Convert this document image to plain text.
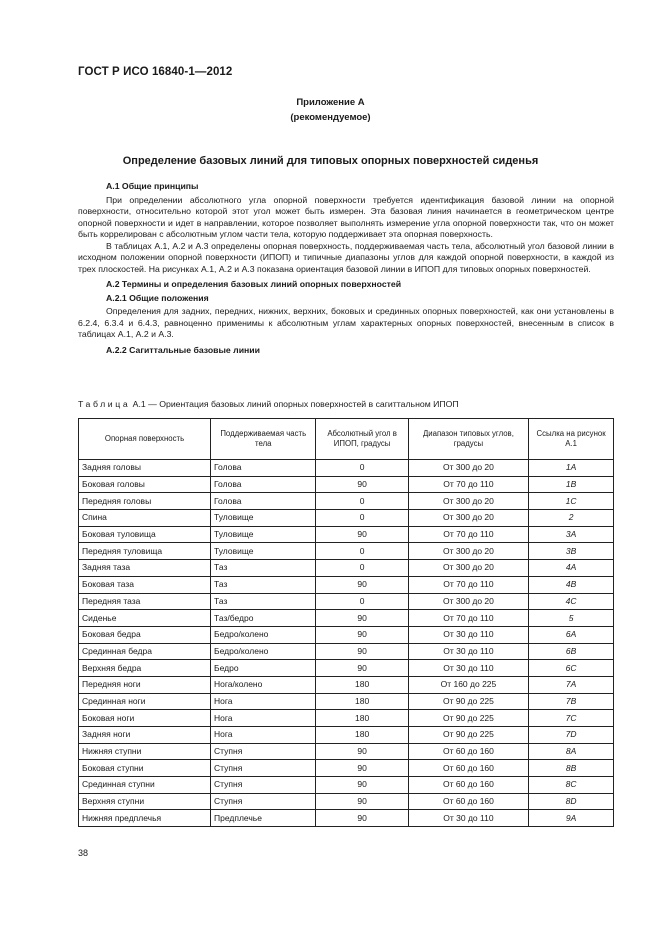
ГОСТ Р ИСО 16840-1—2012
Приложение А
(рекомендуемое)
Определение базовых линий для типовых опорных поверхностей сиденья
А.1 Общие принципы

При определении абсолютного угла опорной поверхности требуется идентификация базовой линии на опорной поверхности, относительно которой этот угол может быть измерен. Эта базовая линия начинается в геометрическом центре опорной поверхности и идет в направлении, которое позволяет выполнять измерение угла опорной поверхности так, что он может быть коррелирован с абсолютным углом части тела, которую поддерживает эта опорная поверхность.

В таблицах А.1, А.2 и А.3 определены опорная поверхность, поддерживаемая часть тела, абсолютный угол базовой линии в исходном положении опорной поверхности (ИПОП) и типичные диапазоны углов для каждой опорной поверхности, в каждой из трех плоскостей. На рисунках А.1, А.2 и А.3 показана ориентация базовой линии в ИПОП для типовых опорных поверхностей.

А.2 Термины и определения базовых линий опорных поверхностей
А.2.1 Общие положения

Определения для задних, передних, нижних, верхних, боковых и срединных опорных поверхностей, как они установлены в 6.2.4, 6.3.4 и 6.4.3, равноценно применимы к абсолютным углам характерных опорных поверхностей, внесенным в список в таблицах А.1, А.2 и А.3.

А.2.2 Сагиттальные базовые линии
Таблица А.1 — Ориентация базовых линий опорных поверхностей в сагиттальном ИПОП
Опорная поверхность	Поддерживаемая часть тела	Абсолютный угол в ИПОП, градусы	Диапазон типовых углов, градусы	Ссылка на рисунок А.1
Задняя головы	Голова	0	От 300 до 20	1A
Боковая головы	Голова	90	От 70 до 110	1B
Передняя головы	Голова	0	От 300 до 20	1C
Спина	Туловище	0	От 300 до 20	2
Боковая туловища	Туловище	90	От 70 до 110	3A
Передняя туловища	Туловище	0	От 300 до 20	3B
Задняя таза	Таз	0	От 300 до 20	4A
Боковая таза	Таз	90	От 70 до 110	4B
Передняя таза	Таз	0	От 300 до 20	4C
Сиденье	Таз/бедро	90	От 70 до 110	5
Боковая бедра	Бедро/колено	90	От 30 до 110	6A
Срединная бедра	Бедро/колено	90	От 30 до 110	6B
Верхняя бедра	Бедро	90	От 30 до 110	6C
Передняя ноги	Нога/колено	180	От 160 до 225	7A
Срединная ноги	Нога	180	От 90 до 225	7B
Боковая ноги	Нога	180	От 90 до 225	7C
Задняя ноги	Нога	180	От 90 до 225	7D
Нижняя ступни	Ступня	90	От 60 до 160	8A
Боковая ступни	Ступня	90	От 60 до 160	8B
Срединная ступни	Ступня	90	От 60 до 160	8C
Верхняя ступни	Ступня	90	От 60 до 160	8D
Нижняя предплечья	Предплечье	90	От 30 до 110	9A
38
